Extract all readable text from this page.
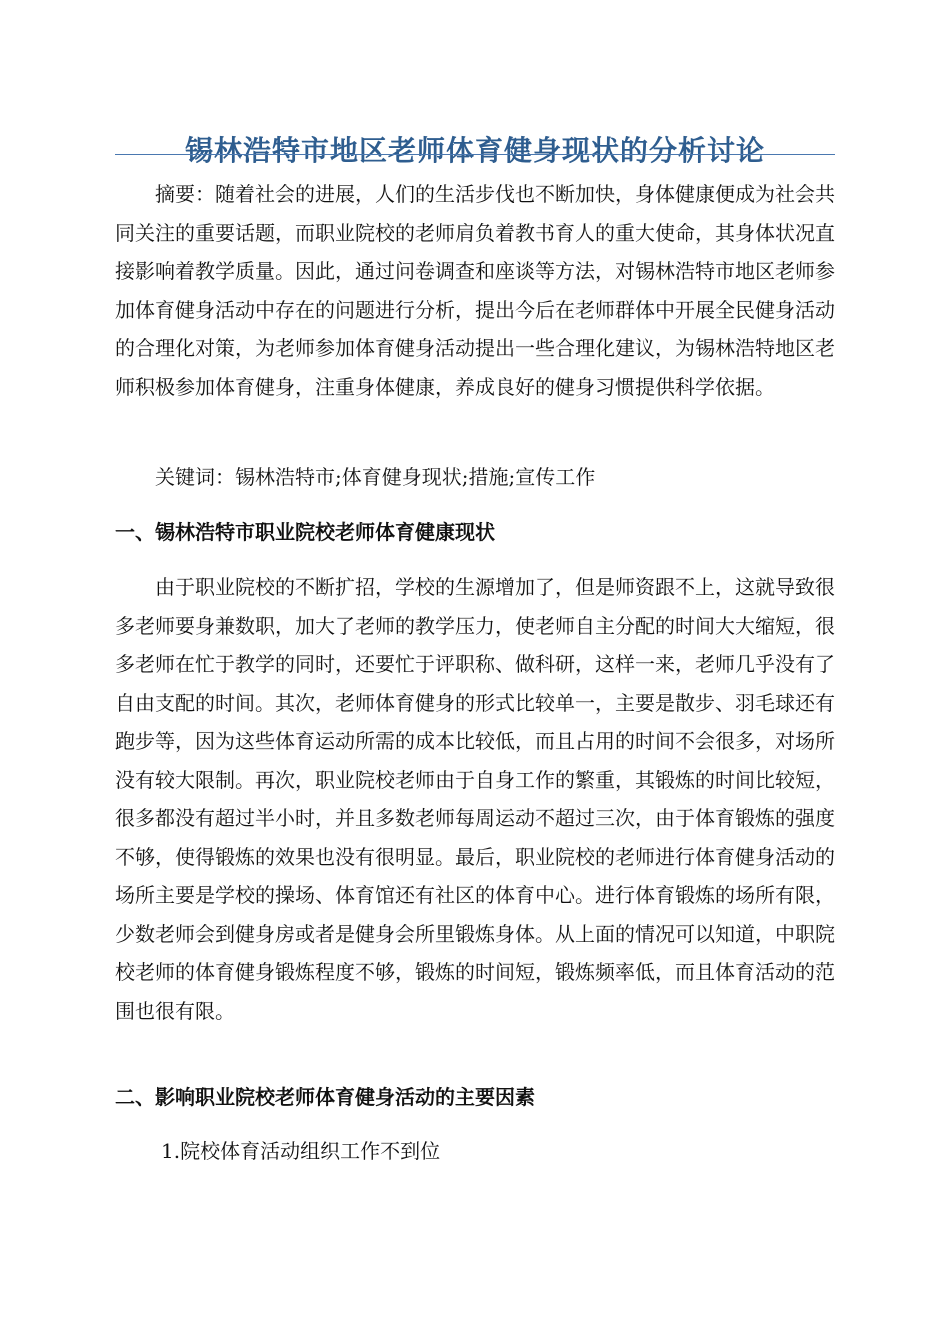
锡林浩特市地区老师体育健身现状的分析讨论

摘要：随着社会的进展，人们的生活步伐也不断加快，身体健康便成为社会共同关注的重要话题，而职业院校的老师肩负着教书育人的重大使命，其身体状况直接影响着教学质量。因此，通过问卷调查和座谈等方法，对锡林浩特市地区老师参加体育健身活动中存在的问题进行分析，提出今后在老师群体中开展全民健身活动的合理化对策，为老师参加体育健身活动提出一些合理化建议，为锡林浩特地区老师积极参加体育健身，注重身体健康，养成良好的健身习惯提供科学依据。

关键词：锡林浩特市;体育健身现状;措施;宣传工作

一、锡林浩特市职业院校老师体育健康现状

由于职业院校的不断扩招，学校的生源增加了，但是师资跟不上，这就导致很多老师要身兼数职，加大了老师的教学压力，使老师自主分配的时间大大缩短，很多老师在忙于教学的同时，还要忙于评职称、做科研，这样一来，老师几乎没有了自由支配的时间。其次，老师体育健身的形式比较单一，主要是散步、羽毛球还有跑步等，因为这些体育运动所需的成本比较低，而且占用的时间不会很多，对场所没有较大限制。再次，职业院校老师由于自身工作的繁重，其锻炼的时间比较短，很多都没有超过半小时，并且多数老师每周运动不超过三次，由于体育锻炼的强度不够，使得锻炼的效果也没有很明显。最后，职业院校的老师进行体育健身活动的场所主要是学校的操场、体育馆还有社区的体育中心。进行体育锻炼的场所有限，少数老师会到健身房或者是健身会所里锻炼身体。从上面的情况可以知道，中职院校老师的体育健身锻炼程度不够，锻炼的时间短，锻炼频率低，而且体育活动的范围也很有限。

二、影响职业院校老师体育健身活动的主要因素

1.院校体育活动组织工作不到位
